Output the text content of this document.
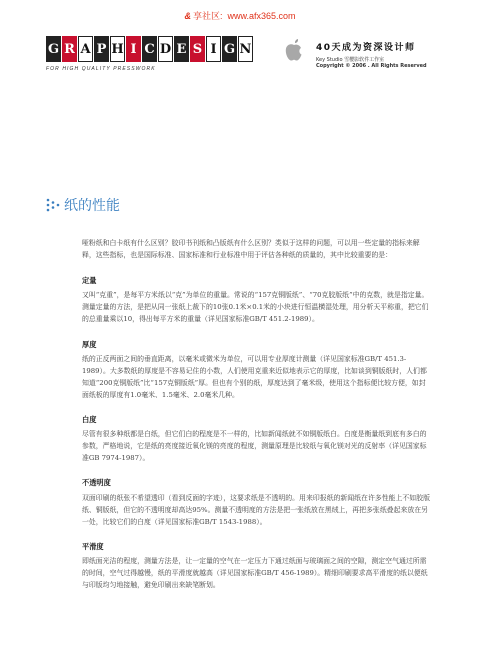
& 享社区: www.afx365.com
G R A P H I C D E S I G N
FOR HIGH QUALITY PRESSWORK
40天成为资深设计师
Key Studio 雪樱影软件工作室
Copyright © 2006 . All Rights Reserved
纸的性能

哑粉纸和白卡纸有什么区别？胶印书刊纸和凸版纸有什么区别？类似于这样的问题，可以用一些定量的指标来解释，这些指标，也是国际标准、国家标准和行业标准中用于评估各种纸的质量的，其中比较重要的是：

定量

又叫“克重”，是每平方米纸以“克”为单位的重量。常说的“157克铜版纸”、“70克胶版纸”中的克数，就是指定量。测量定量的方法，是把从同一张纸上裁下的10张0.1米×0.1米的小块进行恒温横湿处理，用分析天平称重，把它们的总重量乘以10，得出每平方米的重量（详见国家标准GB/T 451.2-1989）。

厚度

纸的正反两面之间的垂直距离，以毫米或微米为单位，可以用专业厚度计测量（详见国家标准GB/T 451.3-1989）。大多数纸的厚度是不容易记住的小数，人们使用克重来近似地表示它的厚度，比如谈到铜版纸时，人们都知道“200克铜版纸”比“157克铜版纸”厚。但也有个别的纸，厚度达到了毫米级，使用这个指标便比较方便，如封面纸板的厚度有1.0毫米、1.5毫米、2.0毫米几种。

白度

尽管有很多种纸都是白纸，但它们白的程度是不一样的，比如新闻纸就不如铜版纸白。白度是衡量纸到底有多白的参数，严格地说，它是纸的亮度接近氧化镁的亮度的程度，测量原理是比较纸与氧化镁对光的反射率（详见国家标准GB 7974-1987）。

不透明度

双面印刷的纸张不希望透印（看到反面的字迹），这要求纸是不透明的。用来印报纸的新闻纸在许多性能上不如胶版纸、铜版纸，但它的不透明度却高达95%。测量不透明度的方法是把一张纸放在黑绒上，再把多张纸叠起来放在另一处，比较它们的白度（详见国家标准GB/T 1543-1988）。

平滑度

即纸面光洁的程度，测量方法是，让一定量的空气在一定压力下通过纸面与玻璃面之间的空隙，测定空气通过所需的时间，空气过得越慢，纸的平滑度就越高（详见国家标准GB/T 456-1989）。精细印刷要求高平滑度的纸以便纸与印版均匀地接触，避免印刷出来缺笔断划。
